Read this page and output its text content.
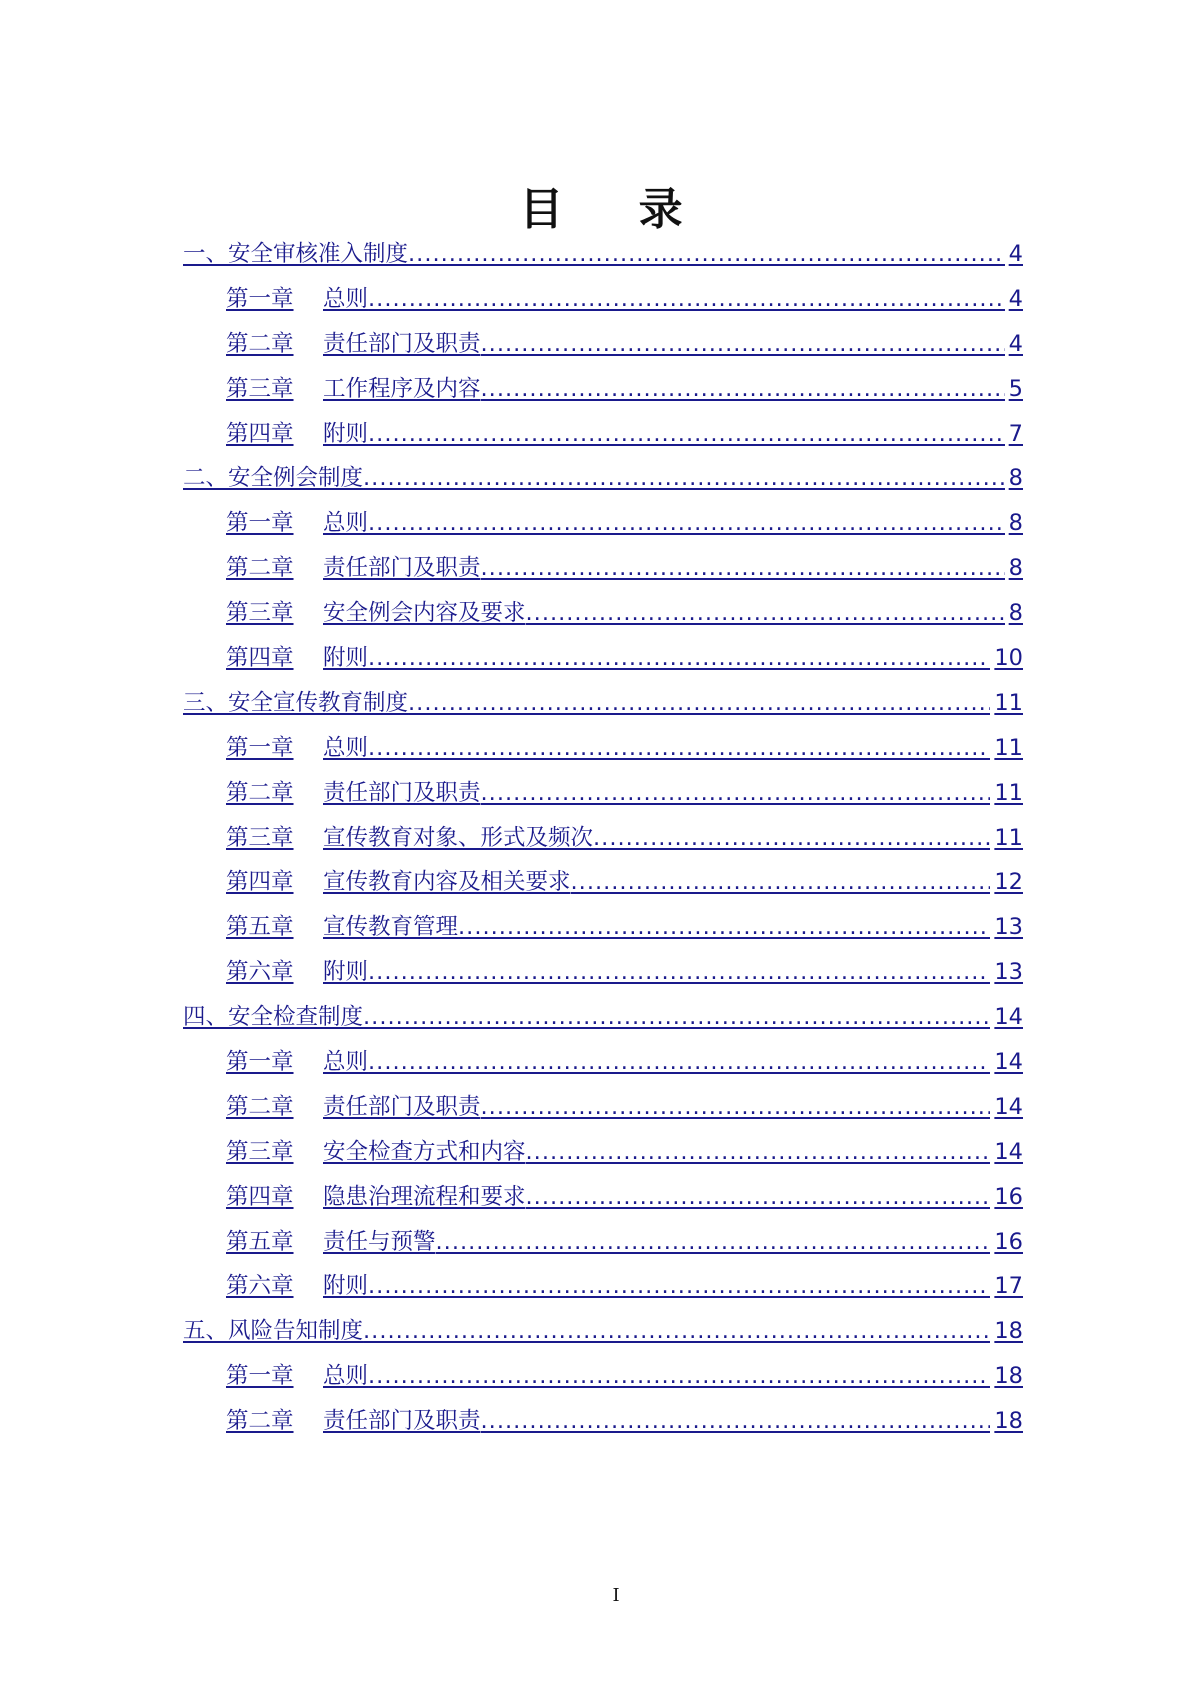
目 录
一、安全审核准入制度 .....	4
第一章	总则 .....	4
第二章	责任部门及职责 .....	4
第三章	工作程序及内容 .....	5
第四章	附则 .....	7
二、安全例会制度 .....	8
第一章	总则 .....	8
第二章	责任部门及职责 .....	8
第三章	安全例会内容及要求 .....	8
第四章	附则 .....	10
三、安全宣传教育制度 .....	11
第一章	总则 .....	11
第二章	责任部门及职责 .....	11
第三章	宣传教育对象、形式及频次 .....	11
第四章	宣传教育内容及相关要求 .....	12
第五章	宣传教育管理 .....	13
第六章	附则 .....	13
四、安全检查制度 .....	14
第一章	总则 .....	14
第二章	责任部门及职责 .....	14
第三章	安全检查方式和内容 .....	14
第四章	隐患治理流程和要求 .....	16
第五章	责任与预警 .....	16
第六章	附则 .....	17
五、风险告知制度 .....	18
第一章	总则 .....	18
第二章	责任部门及职责 .....	18
I
